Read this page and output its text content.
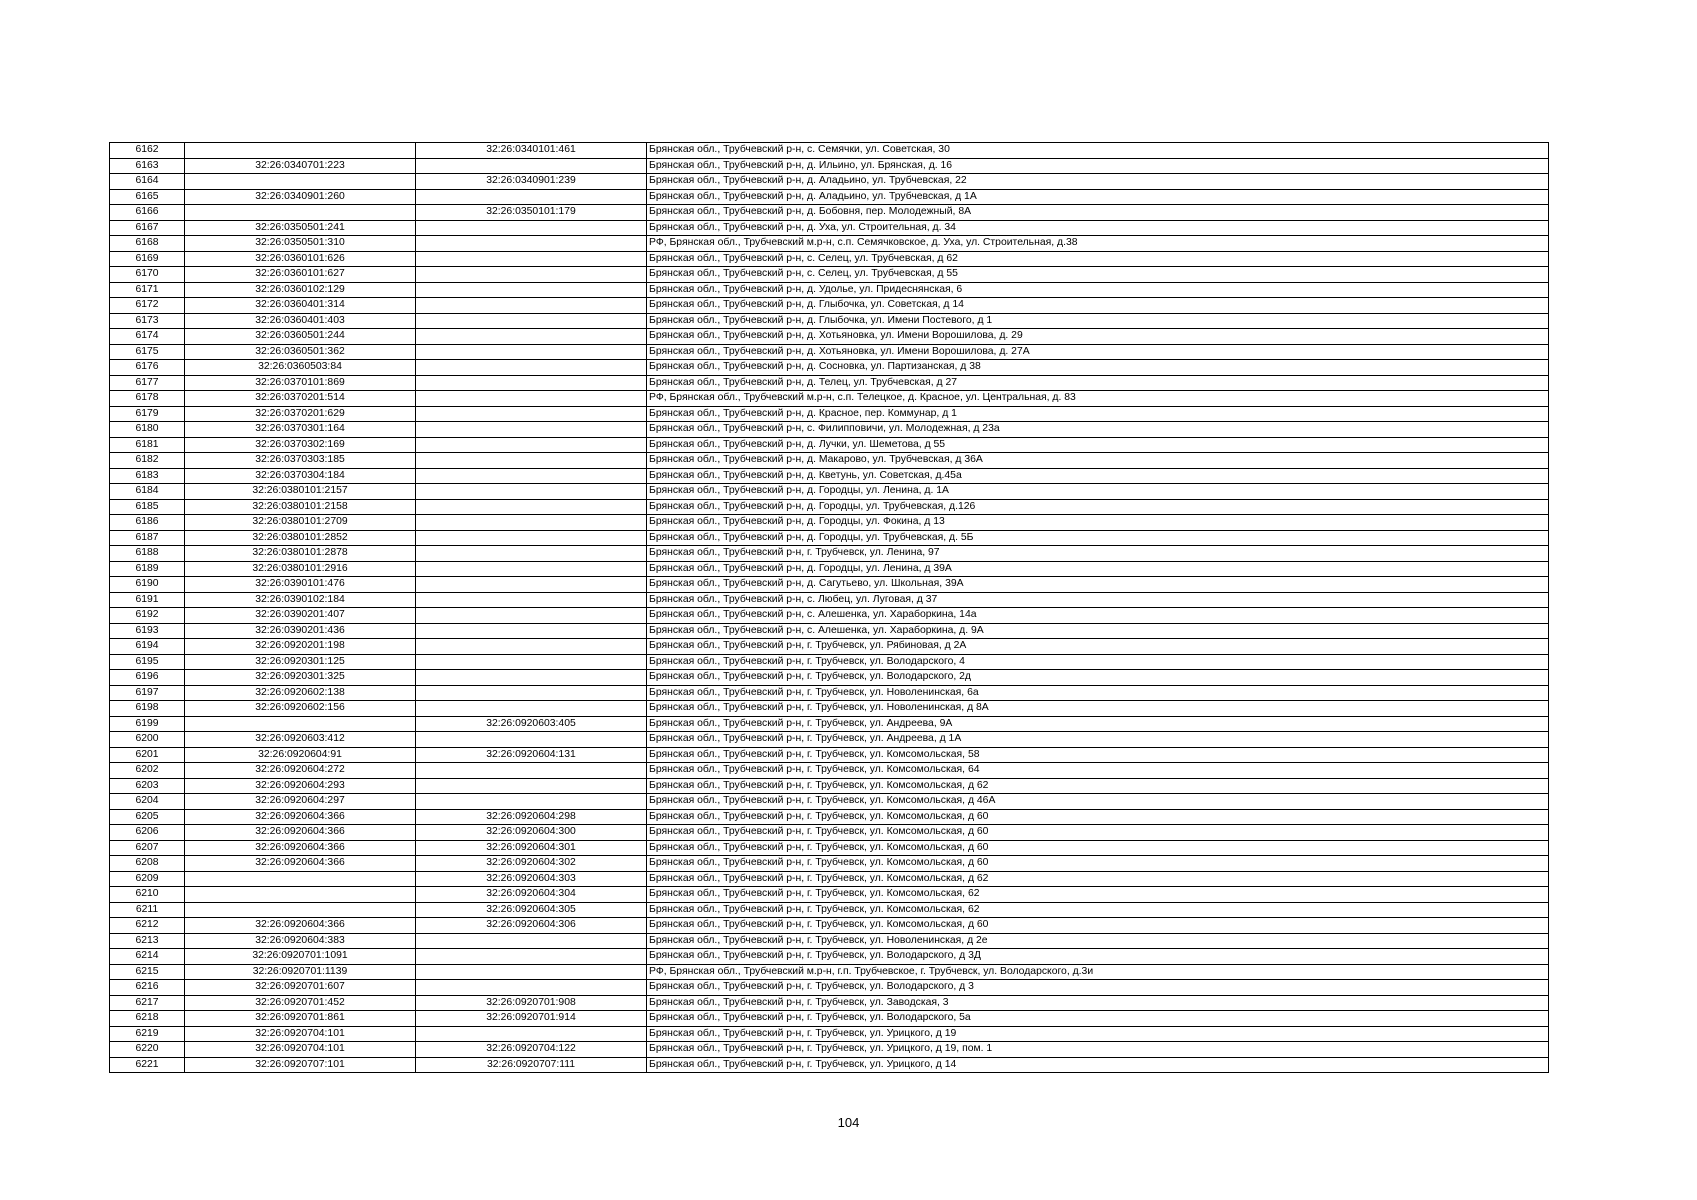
6162		32:26:0340101:461	Брянская обл., Трубчевский р-н, с. Семячки, ул. Советская, 30
6163	32:26:0340701:223		Брянская обл., Трубчевский р-н, д. Ильино, ул. Брянская, д. 16
6164		32:26:0340901:239	Брянская обл., Трубчевский р-н, д. Аладьино, ул. Трубчевская, 22
6165	32:26:0340901:260		Брянская обл., Трубчевский р-н, д. Аладьино, ул. Трубчевская, д 1А
6166		32:26:0350101:179	Брянская обл., Трубчевский р-н, д. Бобовня, пер. Молодежный, 8А
6167	32:26:0350501:241		Брянская обл., Трубчевский р-н, д. Уха, ул. Строительная, д. 34
6168	32:26:0350501:310		РФ, Брянская обл., Трубчевский м.р-н, с.п. Семячковское, д. Уха, ул. Строительная, д.38
6169	32:26:0360101:626		Брянская обл., Трубчевский р-н, с. Селец, ул. Трубчевская, д 62
6170	32:26:0360101:627		Брянская обл., Трубчевский р-н, с. Селец, ул. Трубчевская, д 55
6171	32:26:0360102:129		Брянская обл., Трубчевский р-н, д. Удолье, ул. Придеснянская, 6
6172	32:26:0360401:314		Брянская обл., Трубчевский р-н, д. Глыбочка, ул. Советская, д 14
6173	32:26:0360401:403		Брянская обл., Трубчевский р-н, д. Глыбочка, ул. Имени Постевого, д 1
6174	32:26:0360501:244		Брянская обл., Трубчевский р-н, д. Хотьяновка, ул. Имени Ворошилова, д. 29
6175	32:26:0360501:362		Брянская обл., Трубчевский р-н, д. Хотьяновка, ул. Имени Ворошилова, д. 27А
6176	32:26:0360503:84		Брянская обл., Трубчевский р-н, д. Сосновка, ул. Партизанская, д 38
6177	32:26:0370101:869		Брянская обл., Трубчевский р-н, д. Телец, ул. Трубчевская, д 27
6178	32:26:0370201:514		РФ, Брянская обл., Трубчевский м.р-н, с.п. Телецкое, д. Красное, ул. Центральная, д. 83
6179	32:26:0370201:629		Брянская обл., Трубчевский р-н, д. Красное, пер. Коммунар, д 1
6180	32:26:0370301:164		Брянская обл., Трубчевский р-н, с. Филипповичи, ул. Молодежная, д 23а
6181	32:26:0370302:169		Брянская обл., Трубчевский р-н, д. Лучки, ул. Шеметова, д 55
6182	32:26:0370303:185		Брянская обл., Трубчевский р-н, д. Макарово, ул. Трубчевская, д 36А
6183	32:26:0370304:184		Брянская обл., Трубчевский р-н, д. Кветунь, ул. Советская, д.45а
6184	32:26:0380101:2157		Брянская обл., Трубчевский р-н, д. Городцы, ул. Ленина, д. 1А
6185	32:26:0380101:2158		Брянская обл., Трубчевский р-н, д. Городцы, ул. Трубчевская, д.126
6186	32:26:0380101:2709		Брянская обл., Трубчевский р-н, д. Городцы, ул. Фокина, д 13
6187	32:26:0380101:2852		Брянская обл., Трубчевский р-н, д. Городцы, ул. Трубчевская, д. 5Б
6188	32:26:0380101:2878		Брянская обл., Трубчевский р-н, г. Трубчевск, ул. Ленина, 97
6189	32:26:0380101:2916		Брянская обл., Трубчевский р-н, д. Городцы, ул. Ленина, д 39А
6190	32:26:0390101:476		Брянская обл., Трубчевский р-н, д. Сагутьево, ул. Школьная, 39А
6191	32:26:0390102:184		Брянская обл., Трубчевский р-н, с. Любец, ул. Луговая, д 37
6192	32:26:0390201:407		Брянская обл., Трубчевский р-н, с. Алешенка, ул. Хараборкина, 14а
6193	32:26:0390201:436		Брянская обл., Трубчевский р-н, с. Алешенка, ул. Хараборкина, д. 9А
6194	32:26:0920201:198		Брянская обл., Трубчевский р-н, г. Трубчевск, ул. Рябиновая, д 2А
6195	32:26:0920301:125		Брянская обл., Трубчевский р-н, г. Трубчевск, ул. Володарского, 4
6196	32:26:0920301:325		Брянская обл., Трубчевский р-н, г. Трубчевск, ул. Володарского, 2д
6197	32:26:0920602:138		Брянская обл., Трубчевский р-н, г. Трубчевск, ул. Новоленинская, 6а
6198	32:26:0920602:156		Брянская обл., Трубчевский р-н, г. Трубчевск, ул. Новоленинская, д 8А
6199		32:26:0920603:405	Брянская обл., Трубчевский р-н, г. Трубчевск, ул. Андреева, 9А
6200	32:26:0920603:412		Брянская обл., Трубчевский р-н, г. Трубчевск, ул. Андреева, д 1А
6201	32:26:0920604:91	32:26:0920604:131	Брянская обл., Трубчевский р-н, г. Трубчевск, ул. Комсомольская, 58
6202	32:26:0920604:272		Брянская обл., Трубчевский р-н, г. Трубчевск, ул. Комсомольская, 64
6203	32:26:0920604:293		Брянская обл., Трубчевский р-н, г. Трубчевск, ул. Комсомольская, д 62
6204	32:26:0920604:297		Брянская обл., Трубчевский р-н, г. Трубчевск, ул. Комсомольская, д 46А
6205	32:26:0920604:366	32:26:0920604:298	Брянская обл., Трубчевский р-н, г. Трубчевск, ул. Комсомольская, д 60
6206	32:26:0920604:366	32:26:0920604:300	Брянская обл., Трубчевский р-н, г. Трубчевск, ул. Комсомольская, д 60
6207	32:26:0920604:366	32:26:0920604:301	Брянская обл., Трубчевский р-н, г. Трубчевск, ул. Комсомольская, д 60
6208	32:26:0920604:366	32:26:0920604:302	Брянская обл., Трубчевский р-н, г. Трубчевск, ул. Комсомольская, д 60
6209		32:26:0920604:303	Брянская обл., Трубчевский р-н, г. Трубчевск, ул. Комсомольская, д 62
6210		32:26:0920604:304	Брянская обл., Трубчевский р-н, г. Трубчевск, ул. Комсомольская, 62
6211		32:26:0920604:305	Брянская обл., Трубчевский р-н, г. Трубчевск, ул. Комсомольская, 62
6212	32:26:0920604:366	32:26:0920604:306	Брянская обл., Трубчевский р-н, г. Трубчевск, ул. Комсомольская, д 60
6213	32:26:0920604:383		Брянская обл., Трубчевский р-н, г. Трубчевск, ул. Новоленинская, д 2е
6214	32:26:0920701:1091		Брянская обл., Трубчевский р-н, г. Трубчевск, ул. Володарского, д 3Д
6215	32:26:0920701:1139		РФ, Брянская обл., Трубчевский м.р-н, г.п. Трубчевское, г. Трубчевск, ул. Володарского, д.3и
6216	32:26:0920701:607		Брянская обл., Трубчевский р-н, г. Трубчевск, ул. Володарского, д 3
6217	32:26:0920701:452	32:26:0920701:908	Брянская обл., Трубчевский р-н, г. Трубчевск, ул. Заводская, 3
6218	32:26:0920701:861	32:26:0920701:914	Брянская обл., Трубчевский р-н, г. Трубчевск, ул. Володарского, 5а
6219	32:26:0920704:101		Брянская обл., Трубчевский р-н, г. Трубчевск, ул. Урицкого, д 19
6220	32:26:0920704:101	32:26:0920704:122	Брянская обл., Трубчевский р-н, г. Трубчевск, ул. Урицкого, д 19, пом. 1
6221	32:26:0920707:101	32:26:0920707:111	Брянская обл., Трубчевский р-н, г. Трубчевск, ул. Урицкого, д 14
104
